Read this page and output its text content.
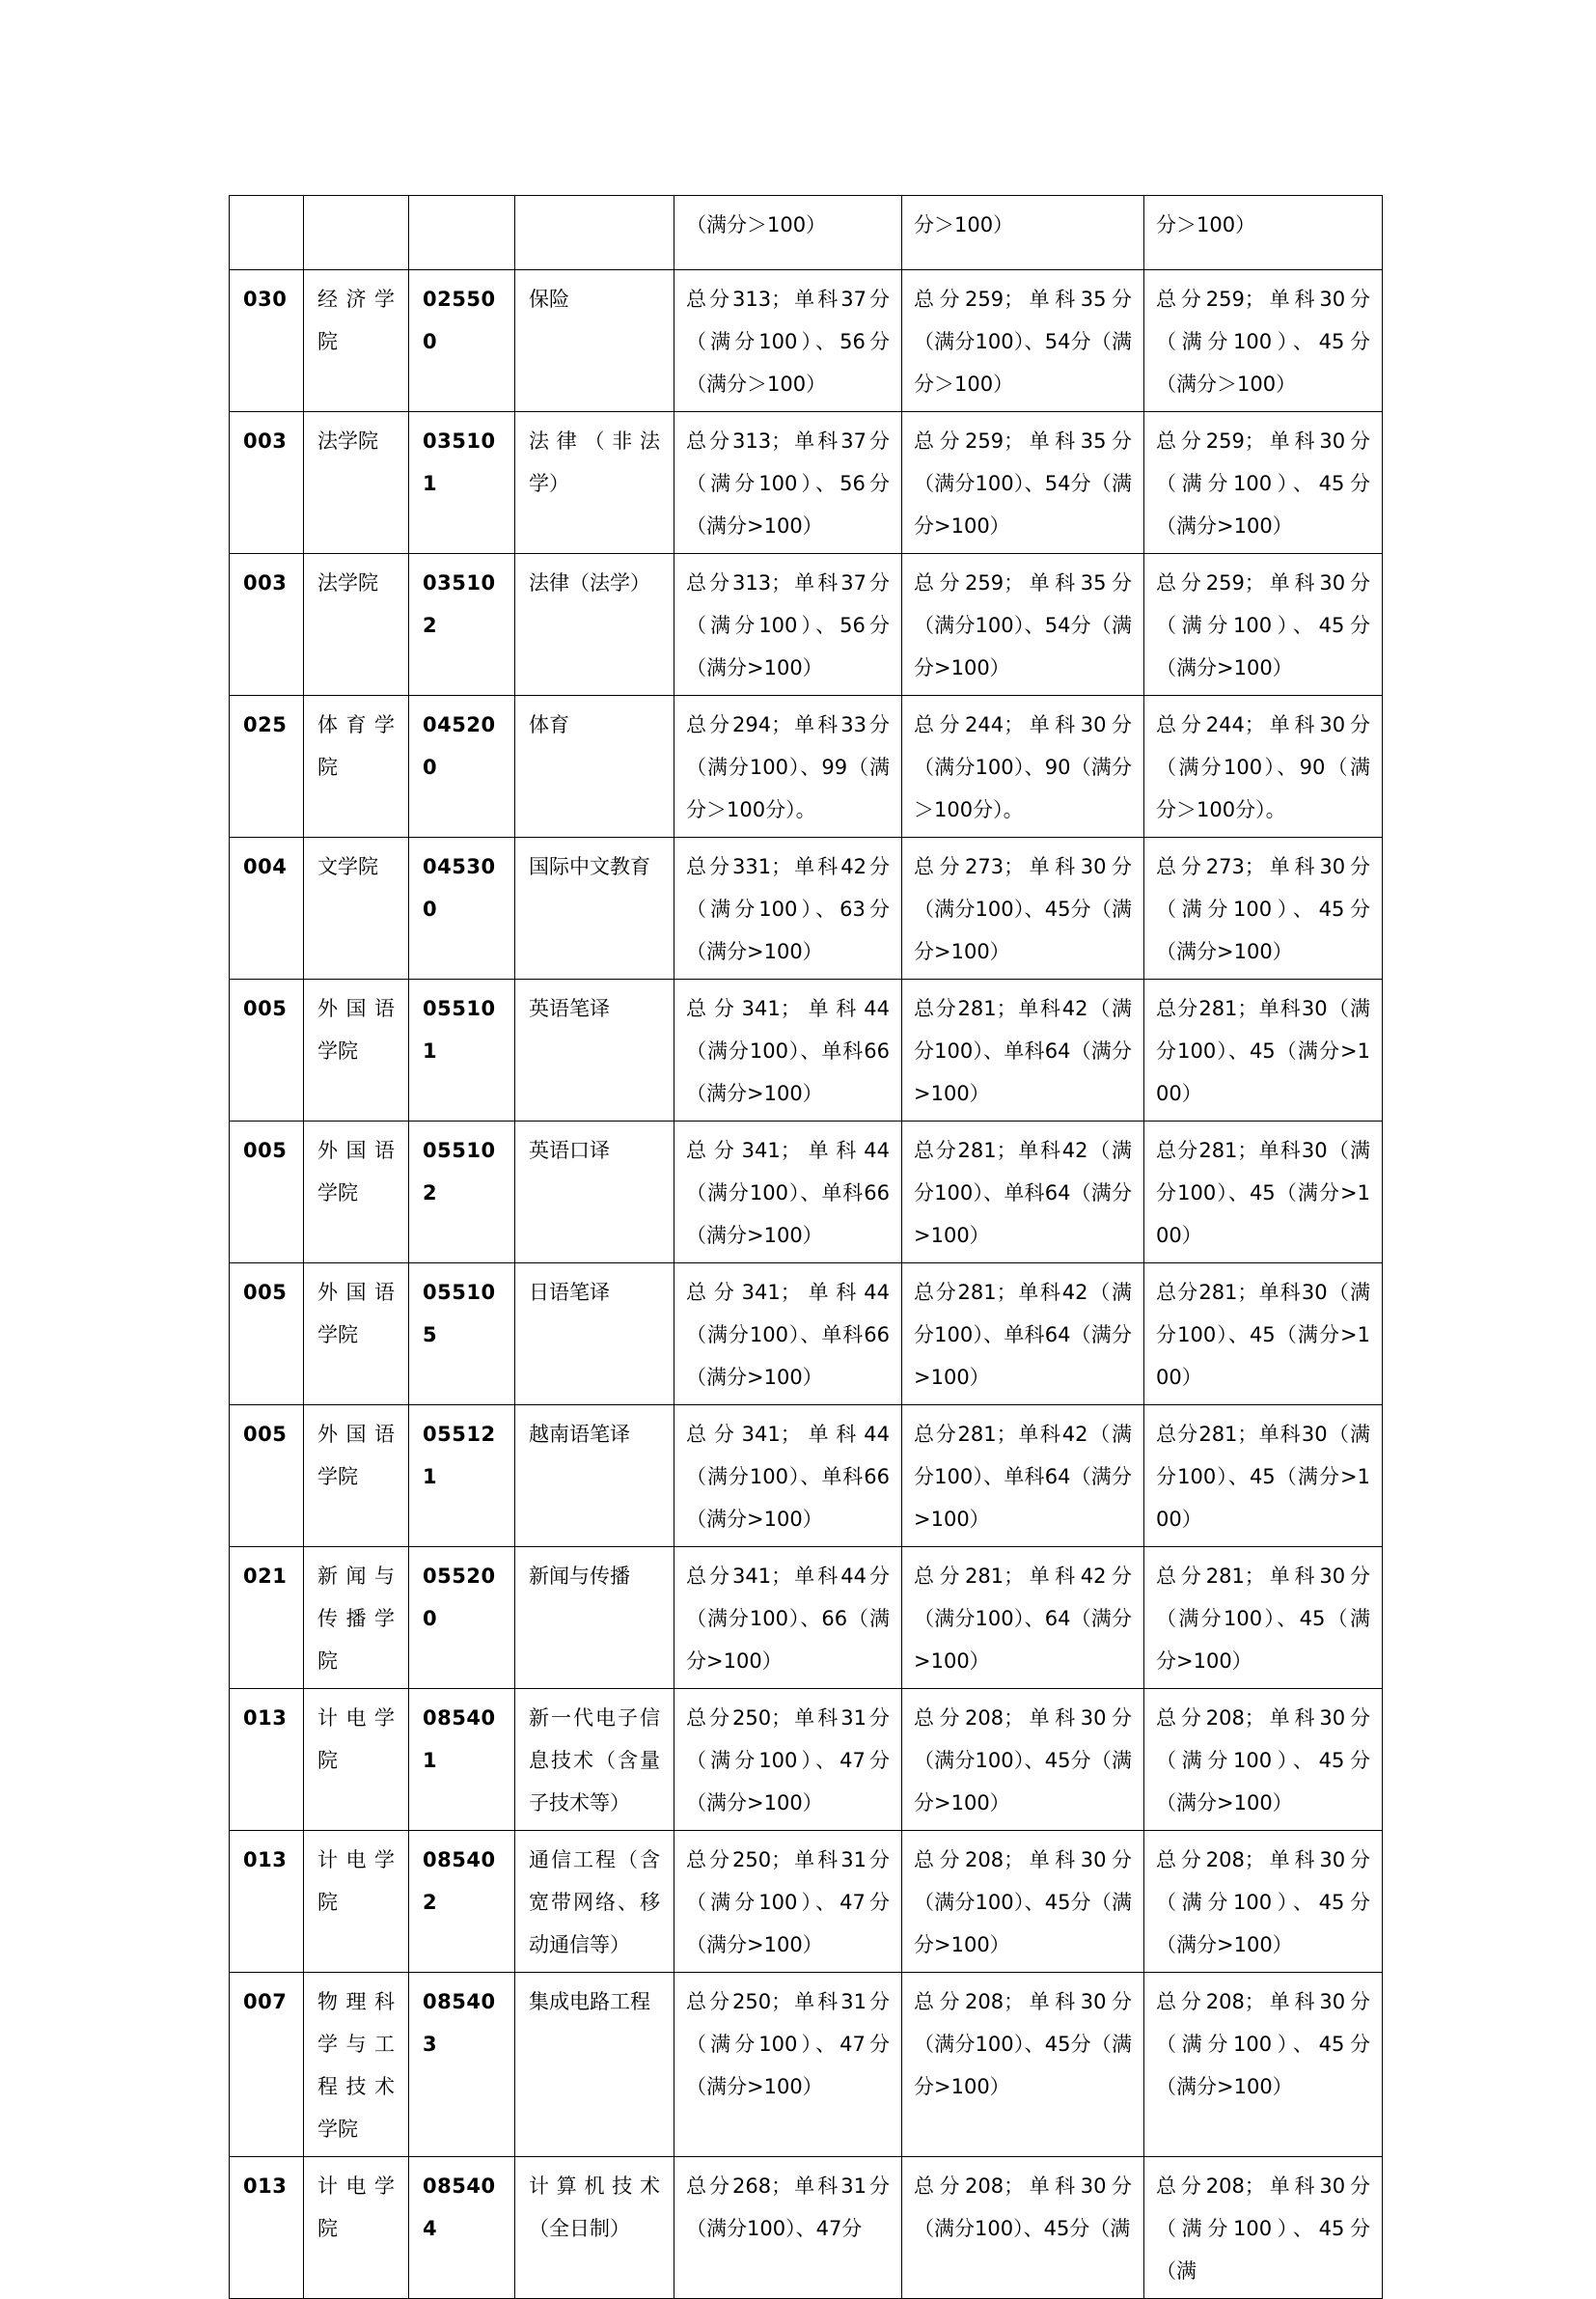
				（满分＞100）	分＞100）	分＞100）
030	经济学院	025500	保险	总分313；单科37分（满分100）、56分（满分＞100）	总分259；单科35分（满分100）、54分（满分＞100）	总分259；单科30分（满分100）、45分（满分＞100）
003	法学院	035101	法律（非法学）	总分313；单科37分（满分100）、56分（满分>100）	总分259；单科35分（满分100）、54分（满分>100）	总分259；单科30分（满分100）、45分（满分>100）
003	法学院	035102	法律（法学）	总分313；单科37分（满分100）、56分（满分>100）	总分259；单科35分（满分100）、54分（满分>100）	总分259；单科30分（满分100）、45分（满分>100）
025	体育学院	045200	体育	总分294；单科33分（满分100）、99（满分＞100分）。	总分244；单科30分（满分100）、90（满分＞100分）。	总分244；单科30分（满分100）、90（满分＞100分）。
004	文学院	045300	国际中文教育	总分331；单科42分（满分100）、63分（满分>100）	总分273；单科30分（满分100）、45分（满分>100）	总分273；单科30分（满分100）、45分（满分>100）
005	外国语学院	055101	英语笔译	总分341；单科44（满分100）、单科66（满分>100）	总分281；单科42（满分100）、单科64（满分>100）	总分281；单科30（满分100）、45（满分>100）
005	外国语学院	055102	英语口译	总分341；单科44（满分100）、单科66（满分>100）	总分281；单科42（满分100）、单科64（满分>100）	总分281；单科30（满分100）、45（满分>100）
005	外国语学院	055105	日语笔译	总分341；单科44（满分100）、单科66（满分>100）	总分281；单科42（满分100）、单科64（满分>100）	总分281；单科30（满分100）、45（满分>100）
005	外国语学院	055121	越南语笔译	总分341；单科44（满分100）、单科66（满分>100）	总分281；单科42（满分100）、单科64（满分>100）	总分281；单科30（满分100）、45（满分>100）
021	新闻与传播学院	055200	新闻与传播	总分341；单科44分（满分100）、66（满分>100）	总分281；单科42分（满分100）、64（满分>100）	总分281；单科30分（满分100）、45（满分>100）
013	计电学院	085401	新一代电子信息技术（含量子技术等）	总分250；单科31分（满分100）、47分（满分>100）	总分208；单科30分（满分100）、45分（满分>100）	总分208；单科30分（满分100）、45分（满分>100）
013	计电学院	085402	通信工程（含宽带网络、移动通信等）	总分250；单科31分（满分100）、47分（满分>100）	总分208；单科30分（满分100）、45分（满分>100）	总分208；单科30分（满分100）、45分（满分>100）
007	物理科学与工程技术学院	085403	集成电路工程	总分250；单科31分（满分100）、47分（满分>100）	总分208；单科30分（满分100）、45分（满分>100）	总分208；单科30分（满分100）、45分（满分>100）
013	计电学院	085404	计算机技术（全日制）	总分268；单科31分（满分100）、47分	总分208；单科30分（满分100）、45分（满	总分208；单科30分（满分100）、45分（满
